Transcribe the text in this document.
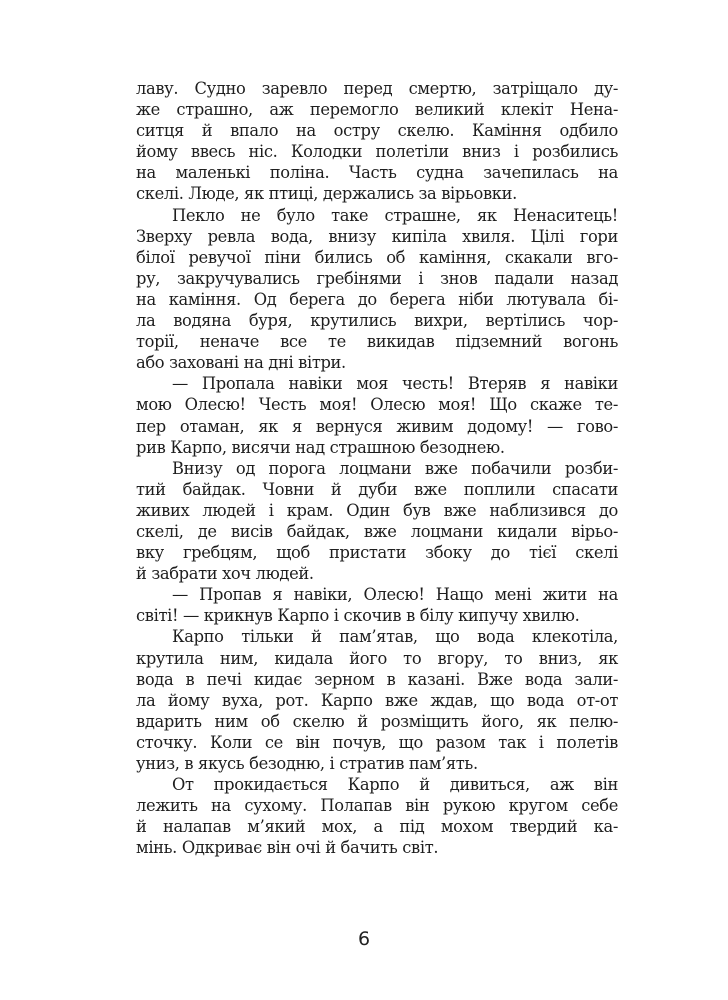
лаву. Судно заревло перед смертю, затріщало ду-
же страшно, аж перемогло великий клекіт Нена-
ситця й впало на остру скелю. Каміння одбило
йому ввесь ніс. Колодки полетіли вниз і розбились
на маленькі поліна. Часть судна зачепилась на
скелі. Люде, як птиці, держались за вірьовки.
Пекло не було таке страшне, як Ненаситець!
Зверху ревла вода, внизу кипіла хвиля. Цілі гори
білої ревучої піни бились об каміння, скакали вго-
ру, закручувались гребінями і знов падали назад
на каміння. Од берега до берега ніби лютувала бі-
ла водяна буря, крутились вихри, вертілись чор-
торії, неначе все те викидав підземний вогонь
або заховані на дні вітри.
— Пропала навіки моя честь! Втеряв я навіки
мою Олесю! Честь моя! Олесю моя! Що скаже те-
пер отаман, як я вернуся живим додому! — гово-
рив Карпо, висячи над страшною безоднею.
Внизу од порога лоцмани вже побачили розби-
тий байдак. Човни й дуби вже поплили спасати
живих людей і крам. Один був вже наблизився до
скелі, де висів байдак, вже лоцмани кидали вірьо-
вку гребцям, щоб пристати збоку до тієї скелі
й забрати хоч людей.
— Пропав я навіки, Олесю! Нащо мені жити на
світі! — крикнув Карпо і скочив в білу кипучу хвилю.
Карпо тільки й пам’ятав, що вода клекотіла,
крутила ним, кидала його то вгору, то вниз, як
вода в печі кидає зерном в казані. Вже вода зали-
ла йому вуха, рот. Карпо вже ждав, що вода от-от
вдарить ним об скелю й розміщить його, як пелю-
сточку. Коли се він почув, що разом так і полетів
униз, в якусь безодню, і стратив пам’ять.
От прокидається Карпо й дивиться, аж він
лежить на сухому. Полапав він рукою кругом себе
й налапав м’який мох, а під мохом твердий ка-
мінь. Одкриває він очі й бачить світ.
6
